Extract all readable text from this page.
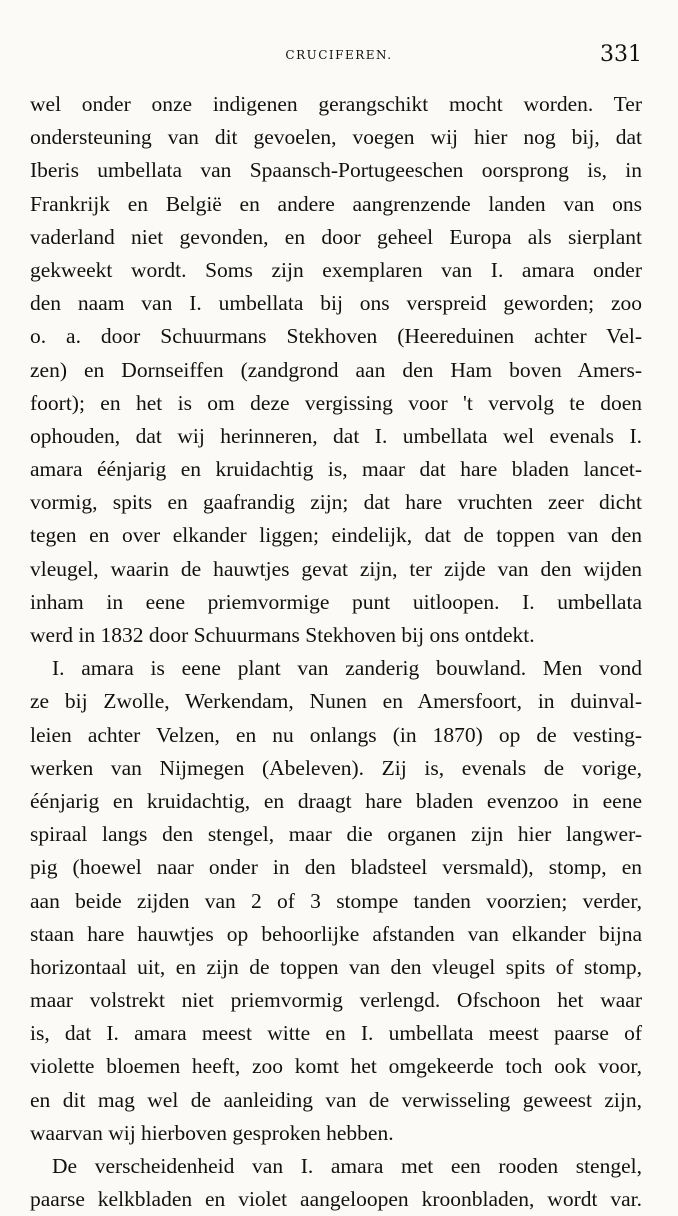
CRUCIFEREN.	331
wel onder onze indigenen gerangschikt mocht worden. Ter
ondersteuning van dit gevoelen, voegen wij hier nog bij, dat
Iberis umbellata van Spaansch-Portugeeschen oorsprong is, in
Frankrijk en België en andere aangrenzende landen van ons
vaderland niet gevonden, en door geheel Europa als sierplant
gekweekt wordt. Soms zijn exemplaren van I. amara onder
den naam van I. umbellata bij ons verspreid geworden; zoo
o. a. door Schuurmans Stekhoven (Heereduinen achter Vel-
zen) en Dornseiffen (zandgrond aan den Ham boven Amers-
foort); en het is om deze vergissing voor 't vervolg te doen
ophouden, dat wij herinneren, dat I. umbellata wel evenals I.
amara éénjarig en kruidachtig is, maar dat hare bladen lancet-
vormig, spits en gaafrandig zijn; dat hare vruchten zeer dicht
tegen en over elkander liggen; eindelijk, dat de toppen van den
vleugel, waarin de hauwtjes gevat zijn, ter zijde van den wijden
inham in eene priemvormige punt uitloopen. I. umbellata
werd in 1832 door Schuurmans Stekhoven bij ons ontdekt.
I. amara is eene plant van zanderig bouwland. Men vond
ze bij Zwolle, Werkendam, Nunen en Amersfoort, in duinval-
leien achter Velzen, en nu onlangs (in 1870) op de vesting-
werken van Nijmegen (Abeleven). Zij is, evenals de vorige,
éénjarig en kruidachtig, en draagt hare bladen evenzoo in eene
spiraal langs den stengel, maar die organen zijn hier langwer-
pig (hoewel naar onder in den bladsteel versmald), stomp, en
aan beide zijden van 2 of 3 stompe tanden voorzien; verder,
staan hare hauwtjes op behoorlijke afstanden van elkander bijna
horizontaal uit, en zijn de toppen van den vleugel spits of stomp,
maar volstrekt niet priemvormig verlengd. Ofschoon het waar
is, dat I. amara meest witte en I. umbellata meest paarse of
violette bloemen heeft, zoo komt het omgekeerde toch ook voor,
en dit mag wel de aanleiding van de verwisseling geweest zijn,
waarvan wij hierboven gesproken hebben.
De verscheidenheid van I. amara met een rooden stengel,
paarse kelkbladen en violet aangeloopen kroonbladen, wordt var.
